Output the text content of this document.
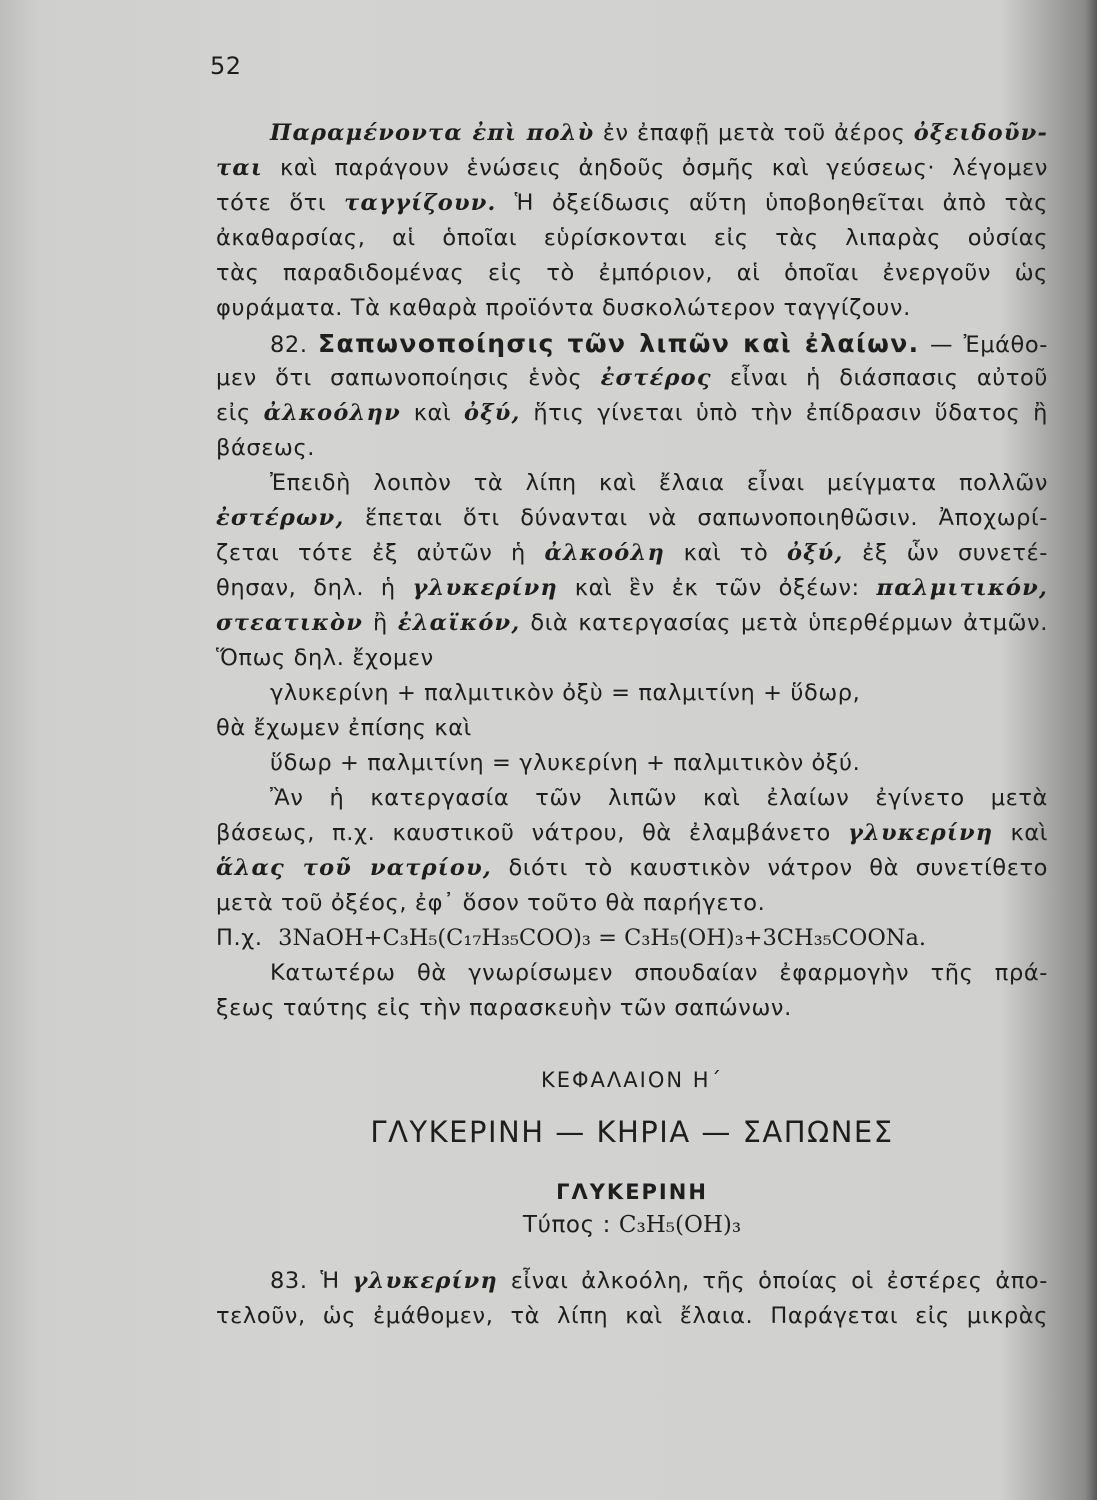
52
Παραμένοντα ἐπὶ πολὺ ἐν ἐπαφῇ μετὰ τοῦ ἀέρος ὀξειδοῦν-
ται καὶ παράγουν ἑνώσεις ἀηδοῦς ὀσμῆς καὶ γεύσεως· λέγομεν
τότε ὅτι ταγγίζουν. Ἡ ὀξείδωσις αὕτη ὑποβοηθεῖται ἀπὸ τὰς
ἀκαθαρσίας, αἱ ὁποῖαι εὑρίσκονται εἰς τὰς λιπαρὰς οὐσίας
τὰς παραδιδομένας εἰς τὸ ἐμπόριον, αἱ ὁποῖαι ἐνεργοῦν ὡς
φυράματα. Τὰ καθαρὰ προϊόντα δυσκολώτερον ταγγίζουν.
82. Σαπωνοποίησις τῶν λιπῶν καὶ ἐλαίων. — Ἐμάθο-
μεν ὅτι σαπωνοποίησις ἑνὸς ἐστέρος εἶναι ἡ διάσπασις αὐτοῦ
εἰς ἀλκοόλην καὶ ὀξύ, ἥτις γίνεται ὑπὸ τὴν ἐπίδρασιν ὕδατος ἢ
βάσεως.
Ἐπειδὴ λοιπὸν τὰ λίπη καὶ ἔλαια εἶναι μείγματα πολλῶν
ἐστέρων, ἕπεται ὅτι δύνανται νὰ σαπωνοποιηθῶσιν. Ἀποχωρί-
ζεται τότε ἐξ αὐτῶν ἡ ἀλκοόλη καὶ τὸ ὀξύ, ἐξ ὧν συνετέ-
θησαν, δηλ. ἡ γλυκερίνη καὶ ἓν ἐκ τῶν ὀξέων: παλμιτικόν,
στεατικὸν ἢ ἐλαϊκόν, διὰ κατεργασίας μετὰ ὑπερθέρμων ἀτμῶν.
Ὅπως δηλ. ἔχομεν
γλυκερίνη + παλμιτικὸν ὀξὺ = παλμιτίνη + ὕδωρ,
θὰ ἔχωμεν ἐπίσης καὶ
ὕδωρ + παλμιτίνη = γλυκερίνη + παλμιτικὸν ὀξύ.
Ἂν ἡ κατεργασία τῶν λιπῶν καὶ ἐλαίων ἐγίνετο μετὰ
βάσεως, π.χ. καυστικοῦ νάτρου, θὰ ἐλαμβάνετο γλυκερίνη καὶ
ἅλας τοῦ νατρίου, διότι τὸ καυστικὸν νάτρον θὰ συνετίθετο
μετὰ τοῦ ὀξέος, ἐφ᾽ ὅσον τοῦτο θὰ παρήγετο.
Π.χ. 3NaOH+C₃H₅(C₁₇H₃₅COO)₃ = C₃H₅(OH)₃+3CH₃₅COONa.
Κατωτέρω θὰ γνωρίσωμεν σπουδαίαν ἐφαρμογὴν τῆς πρά-
ξεως ταύτης εἰς τὴν παρασκευὴν τῶν σαπώνων.
ΚΕΦΑΛΑΙΟΝ Η΄
ΓΛΥΚΕΡΙΝΗ — ΚΗΡΙΑ — ΣΑΠΩΝΕΣ
ΓΛΥΚΕΡΙΝΗ
Τύπος : C₃H₅(OH)₃
83. Ἡ γλυκερίνη εἶναι ἀλκοόλη, τῆς ὁποίας οἱ ἐστέρες ἀπο-
τελοῦν, ὡς ἐμάθομεν, τὰ λίπη καὶ ἔλαια. Παράγεται εἰς μικρὰς
